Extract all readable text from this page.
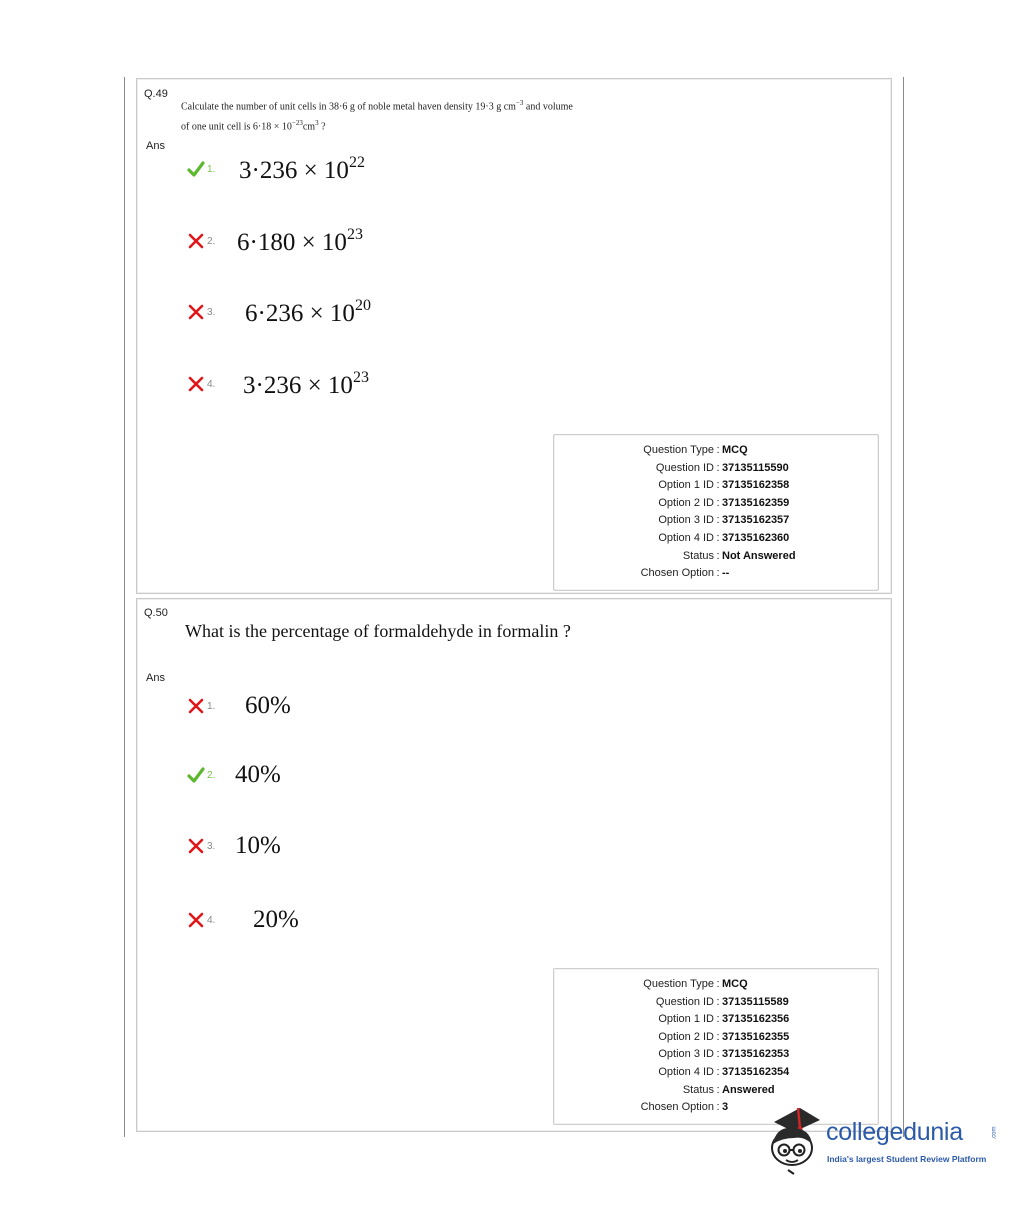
Q.49
Calculate the number of unit cells in 38·6 g of noble metal haven density 19·3 g $cm^{-3}$ and volume
of one unit cell is $6\cdot 18 \times 10^{-23}cm^3$ ?
Ans
1. $3\cdot 236 \times 10^{22}$
2. $6\cdot 180 \times 10^{23}$
3.	$6\cdot 236 \times 10^{20}$
4.	$3\cdot 236 \times 10^{23}$
Question Type : MCQ
Question ID : 37135115590
Option 1 ID : 37135162358
Option 2 ID : 37135162359
Option 3 ID : 37135162357
Option 4 ID : 37135162360
Status : Not Answered
Chosen Option : --
Q.50
What is the percentage of formaldehyde in formalin ?
Ans
1.	60%
2. 40%
3. 10%
4.	20%
Question Type : MCQ
Question ID : 37135115589
Option 1 ID : 37135162356
Option 2 ID : 37135162355
Option 3 ID : 37135162353
Option 4 ID : 37135162354
Status : Answered
Chosen Option : 3
collegedunia	.com
India's largest Student Review Platform
